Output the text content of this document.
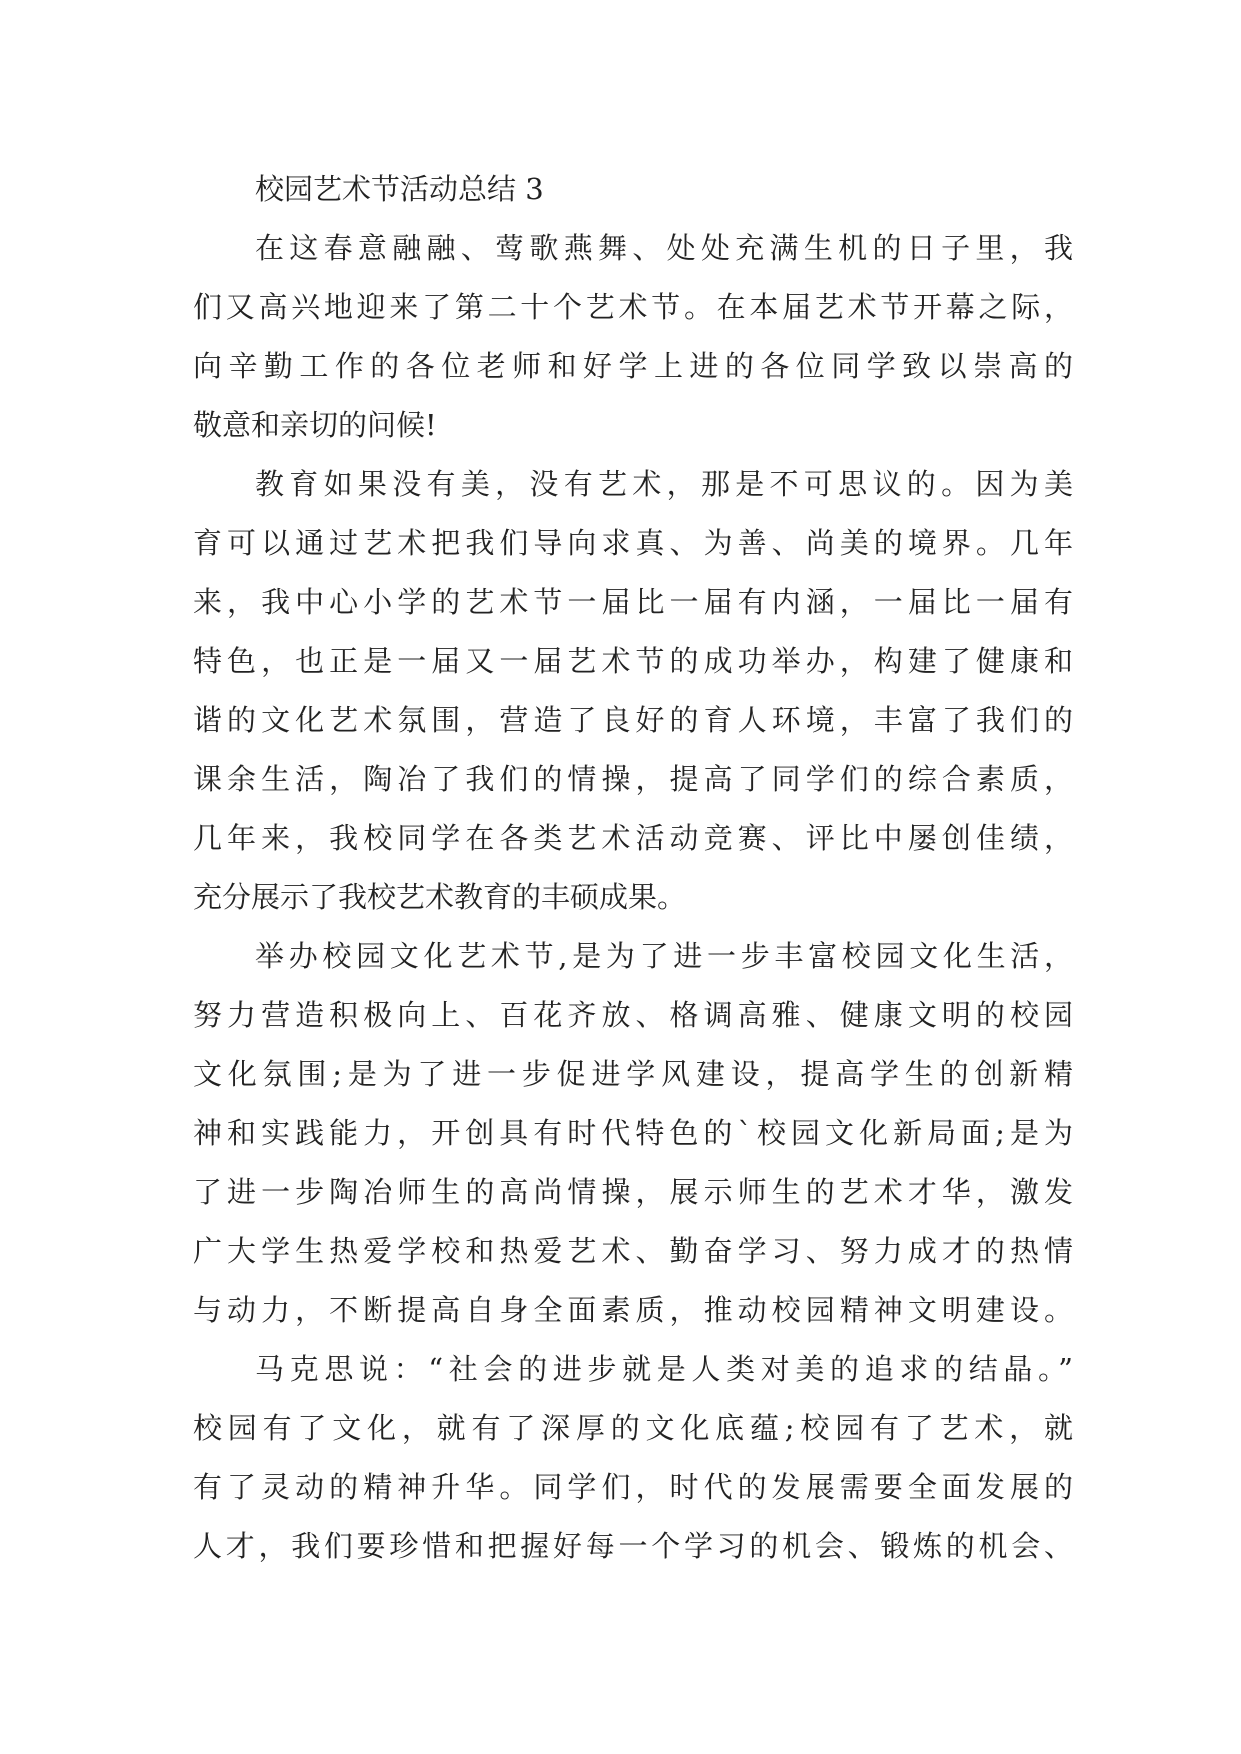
校园艺术节活动总结 3
在这春意融融、莺歌燕舞、处处充满生机的日子里，我
们又高兴地迎来了第二十个艺术节。在本届艺术节开幕之际，
向辛勤工作的各位老师和好学上进的各位同学致以崇高的
敬意和亲切的问候!
教育如果没有美，没有艺术，那是不可思议的。因为美
育可以通过艺术把我们导向求真、为善、尚美的境界。几年
来，我中心小学的艺术节一届比一届有内涵，一届比一届有
特色，也正是一届又一届艺术节的成功举办，构建了健康和
谐的文化艺术氛围，营造了良好的育人环境，丰富了我们的
课余生活，陶冶了我们的情操，提高了同学们的综合素质，
几年来，我校同学在各类艺术活动竞赛、评比中屡创佳绩，
充分展示了我校艺术教育的丰硕成果。
举办校园文化艺术节,是为了进一步丰富校园文化生活，
努力营造积极向上、百花齐放、格调高雅、健康文明的校园
文化氛围;是为了进一步促进学风建设，提高学生的创新精
神和实践能力，开创具有时代特色的`校园文化新局面;是为
了进一步陶冶师生的高尚情操，展示师生的艺术才华，激发
广大学生热爱学校和热爱艺术、勤奋学习、努力成才的热情
与动力，不断提高自身全面素质，推动校园精神文明建设。
马克思说：“社会的进步就是人类对美的追求的结晶。”
校园有了文化，就有了深厚的文化底蕴;校园有了艺术，就
有了灵动的精神升华。同学们，时代的发展需要全面发展的
人才，我们要珍惜和把握好每一个学习的机会、锻炼的机会、
